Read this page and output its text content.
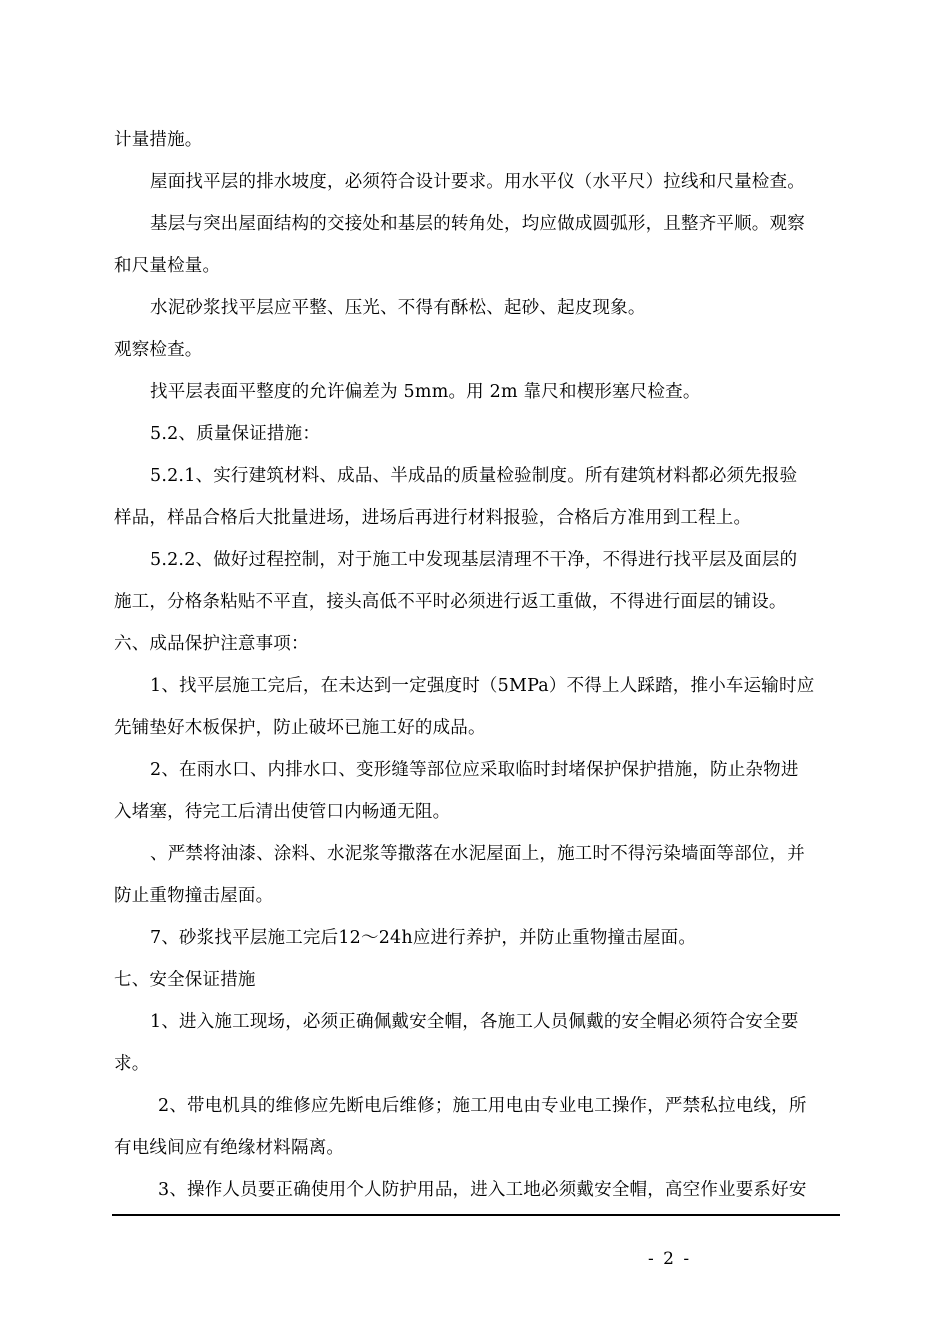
计量措施。
屋面找平层的排水坡度，必须符合设计要求。用水平仪（水平尺）拉线和尺量检查。
基层与突出屋面结构的交接处和基层的转角处，均应做成圆弧形，且整齐平顺。观察
和尺量检量。
水泥砂浆找平层应平整、压光、不得有酥松、起砂、起皮现象。
观察检查。
找平层表面平整度的允许偏差为 5mm。用 2m 靠尺和楔形塞尺检查。
5.2、质量保证措施：
5.2.1、实行建筑材料、成品、半成品的质量检验制度。所有建筑材料都必须先报验
样品，样品合格后大批量进场，进场后再进行材料报验，合格后方准用到工程上。
5.2.2、做好过程控制，对于施工中发现基层清理不干净，不得进行找平层及面层的
施工，分格条粘贴不平直，接头高低不平时必须进行返工重做，不得进行面层的铺设。
六、成品保护注意事项：
1、找平层施工完后，在未达到一定强度时（5MPa）不得上人踩踏，推小车运输时应
先铺垫好木板保护，防止破坏已施工好的成品。
2、在雨水口、内排水口、变形缝等部位应采取临时封堵保护保护措施，防止杂物进
入堵塞，待完工后清出使管口内畅通无阻。
、严禁将油漆、涂料、水泥浆等撒落在水泥屋面上，施工时不得污染墙面等部位，并
防止重物撞击屋面。
7、砂浆找平层施工完后12～24h应进行养护，并防止重物撞击屋面。
七、安全保证措施
1、进入施工现场，必须正确佩戴安全帽，各施工人员佩戴的安全帽必须符合安全要
求。
2、带电机具的维修应先断电后维修；施工用电由专业电工操作，严禁私拉电线，所
有电线间应有绝缘材料隔离。
3、操作人员要正确使用个人防护用品，进入工地必须戴安全帽，高空作业要系好安
- 2 -
